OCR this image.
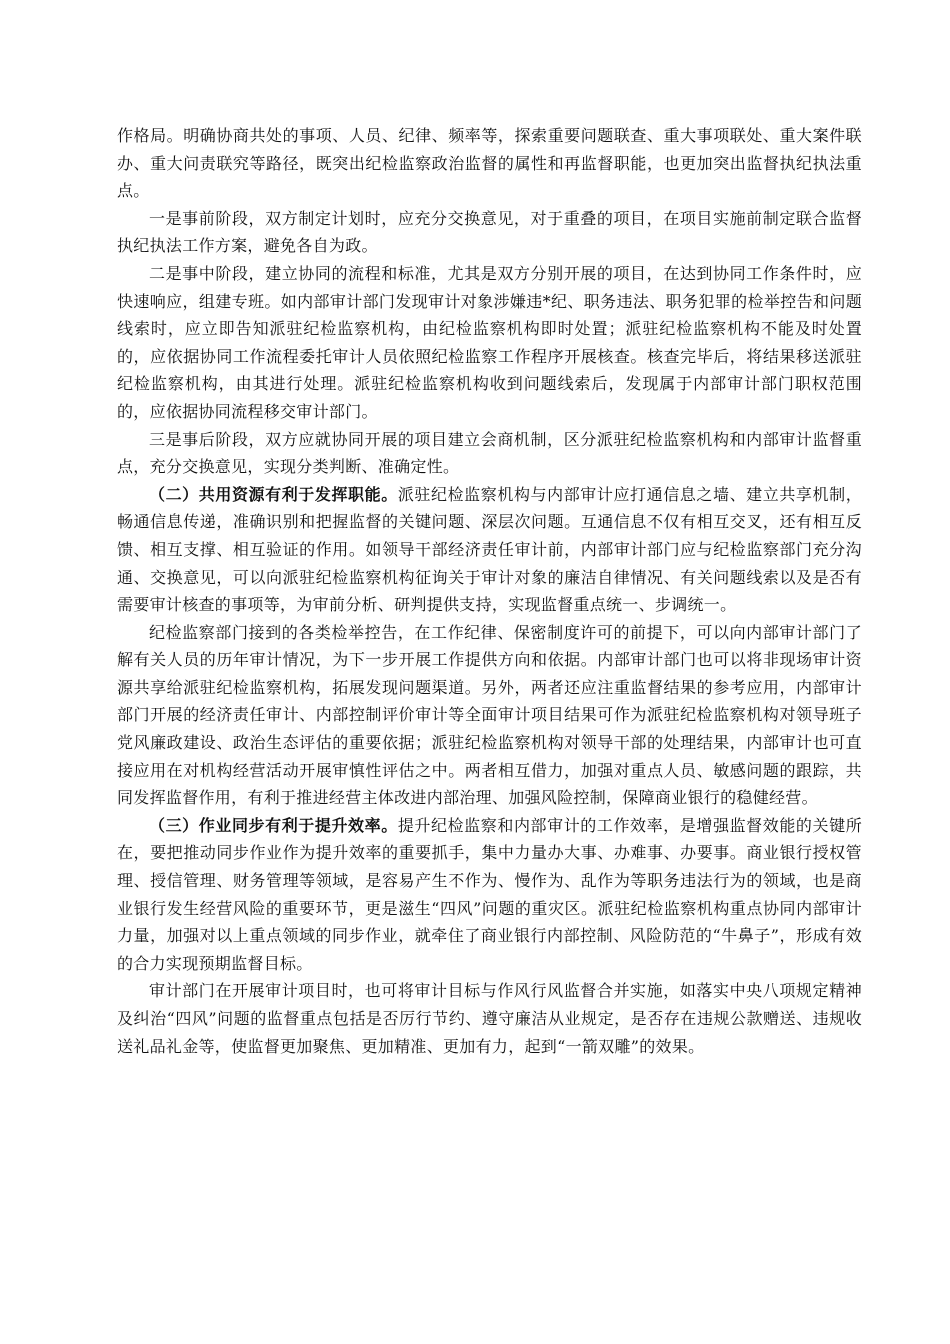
作格局。明确协商共处的事项、人员、纪律、频率等，探索重要问题联查、重大事项联处、重大案件联办、重大问责联究等路径，既突出纪检监察政治监督的属性和再监督职能，也更加突出监督执纪执法重点。

一是事前阶段，双方制定计划时，应充分交换意见，对于重叠的项目，在项目实施前制定联合监督执纪执法工作方案，避免各自为政。

二是事中阶段，建立协同的流程和标准，尤其是双方分别开展的项目，在达到协同工作条件时，应快速响应，组建专班。如内部审计部门发现审计对象涉嫌违*纪、职务违法、职务犯罪的检举控告和问题线索时，应立即告知派驻纪检监察机构，由纪检监察机构即时处置；派驻纪检监察机构不能及时处置的，应依据协同工作流程委托审计人员依照纪检监察工作程序开展核查。核查完毕后，将结果移送派驻纪检监察机构，由其进行处理。派驻纪检监察机构收到问题线索后，发现属于内部审计部门职权范围的，应依据协同流程移交审计部门。

三是事后阶段，双方应就协同开展的项目建立会商机制，区分派驻纪检监察机构和内部审计监督重点，充分交换意见，实现分类判断、准确定性。

（二）共用资源有利于发挥职能。派驻纪检监察机构与内部审计应打通信息之墙、建立共享机制，畅通信息传递，准确识别和把握监督的关键问题、深层次问题。互通信息不仅有相互交叉，还有相互反馈、相互支撑、相互验证的作用。如领导干部经济责任审计前，内部审计部门应与纪检监察部门充分沟通、交换意见，可以向派驻纪检监察机构征询关于审计对象的廉洁自律情况、有关问题线索以及是否有需要审计核查的事项等，为审前分析、研判提供支持，实现监督重点统一、步调统一。

纪检监察部门接到的各类检举控告，在工作纪律、保密制度许可的前提下，可以向内部审计部门了解有关人员的历年审计情况，为下一步开展工作提供方向和依据。内部审计部门也可以将非现场审计资源共享给派驻纪检监察机构，拓展发现问题渠道。另外，两者还应注重监督结果的参考应用，内部审计部门开展的经济责任审计、内部控制评价审计等全面审计项目结果可作为派驻纪检监察机构对领导班子党风廉政建设、政治生态评估的重要依据；派驻纪检监察机构对领导干部的处理结果，内部审计也可直接应用在对机构经营活动开展审慎性评估之中。两者相互借力，加强对重点人员、敏感问题的跟踪，共同发挥监督作用，有利于推进经营主体改进内部治理、加强风险控制，保障商业银行的稳健经营。

（三）作业同步有利于提升效率。提升纪检监察和内部审计的工作效率，是增强监督效能的关键所在，要把推动同步作业作为提升效率的重要抓手，集中力量办大事、办难事、办要事。商业银行授权管理、授信管理、财务管理等领域，是容易产生不作为、慢作为、乱作为等职务违法行为的领域，也是商业银行发生经营风险的重要环节，更是滋生“四风”问题的重灾区。派驻纪检监察机构重点协同内部审计力量，加强对以上重点领域的同步作业，就牵住了商业银行内部控制、风险防范的“牛鼻子”，形成有效的合力实现预期监督目标。

审计部门在开展审计项目时，也可将审计目标与作风行风监督合并实施，如落实中央八项规定精神及纠治“四风”问题的监督重点包括是否厉行节约、遵守廉洁从业规定，是否存在违规公款赠送、违规收送礼品礼金等，使监督更加聚焦、更加精准、更加有力，起到“一箭双雕”的效果。
